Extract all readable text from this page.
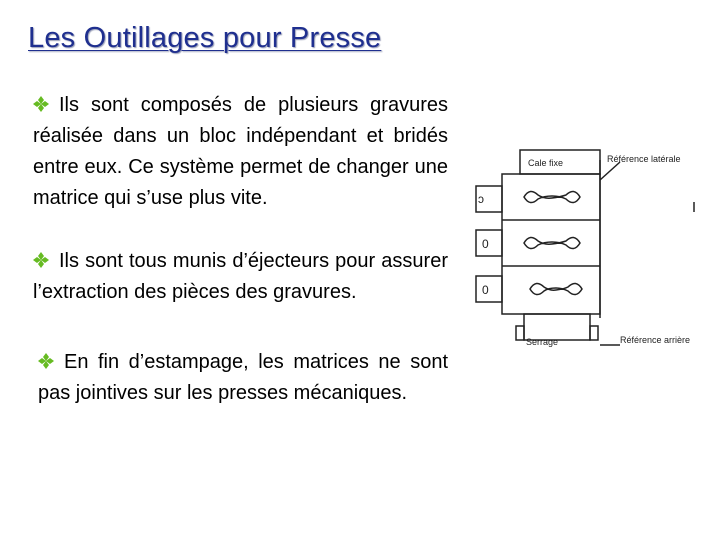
Les Outillages pour Presse
Ils sont composés de plusieurs gravures réalisée dans un bloc indépendant et bridés entre eux. Ce système permet de changer une matrice qui s’use plus vite.
Ils sont tous munis d’éjecteurs pour assurer l’extraction des pièces des gravures.
En fin d’estampage, les matrices ne sont pas jointives sur les presses mécaniques.
ↄ
0
0
Cale fixe	Référence latérale
Serrage	Référence arrière
